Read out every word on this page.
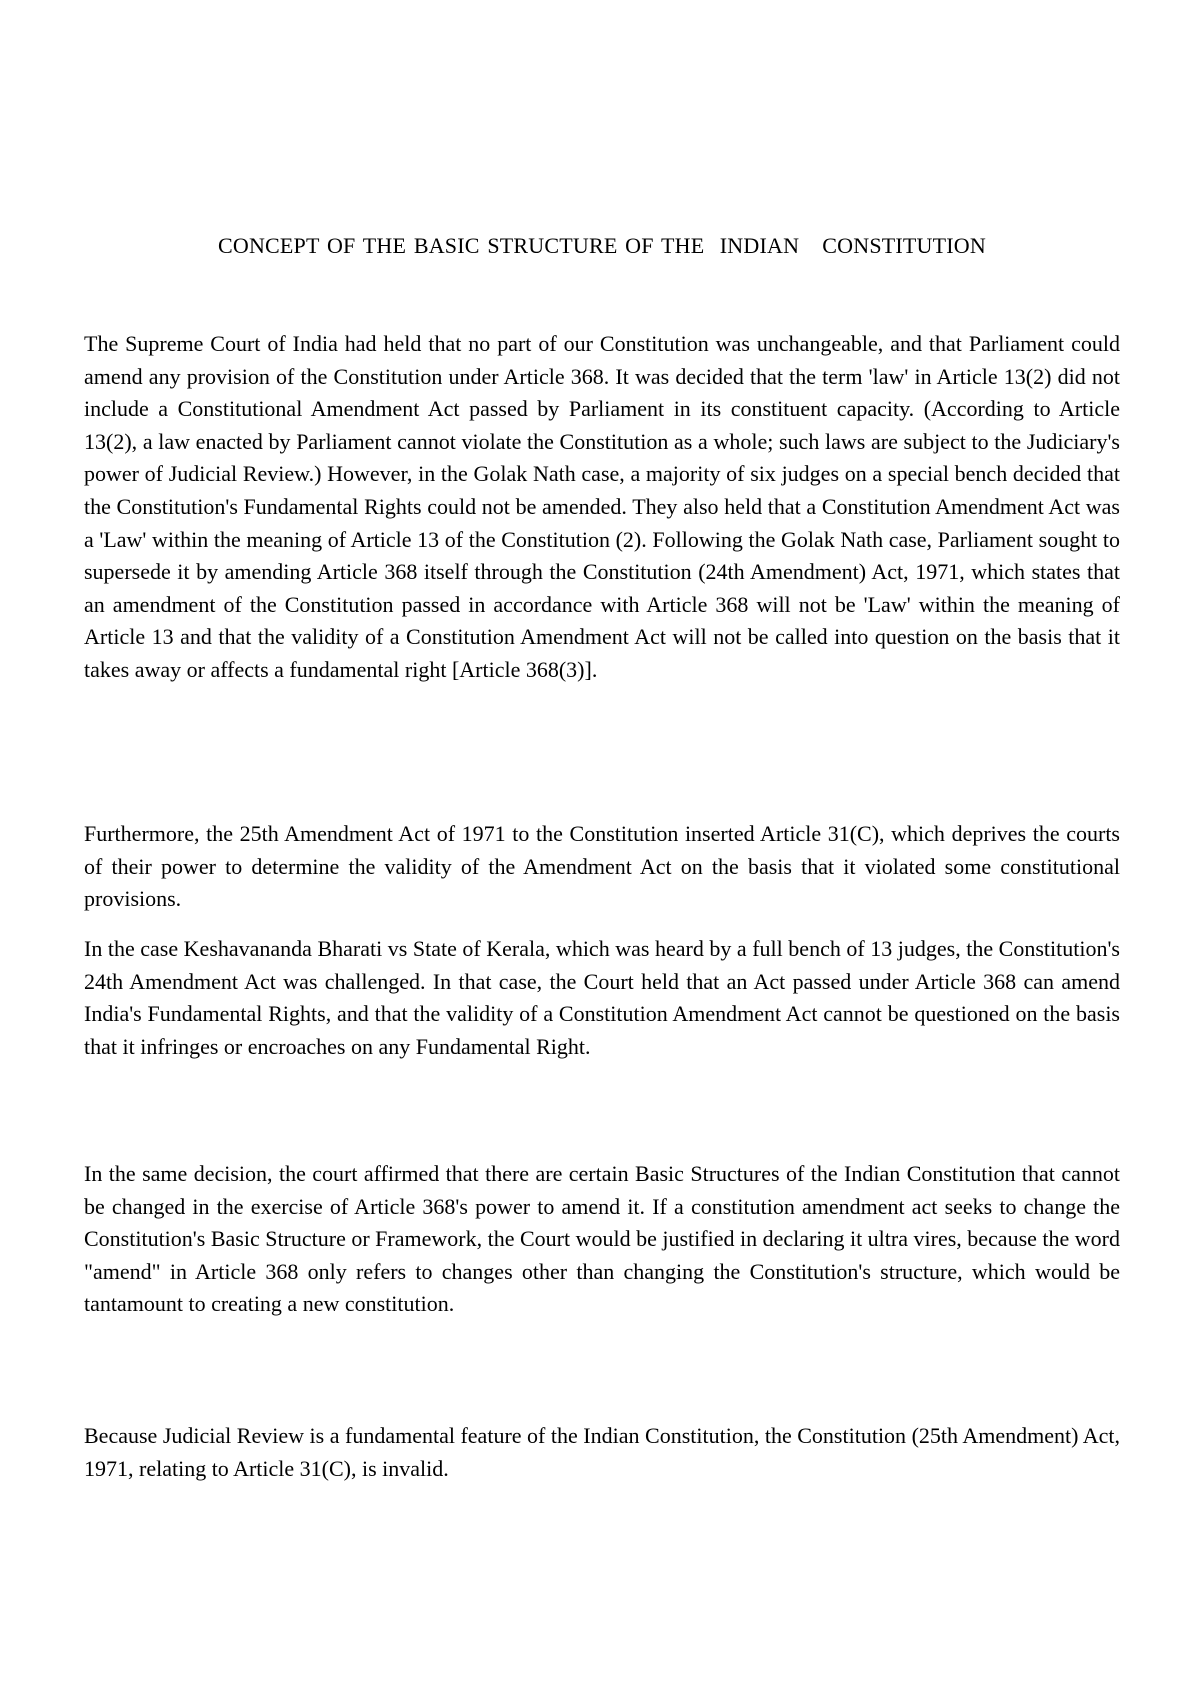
CONCEPT OF THE BASIC STRUCTURE OF THE  INDIAN   CONSTITUTION

The Supreme Court of India had held that no part of our Constitution was unchangeable, and that Parliament could amend any provision of the Constitution under Article 368. It was decided that the term 'law' in Article 13(2) did not include a Constitutional Amendment Act passed by Parliament in its constituent capacity. (According to Article 13(2), a law enacted by Parliament cannot violate the Constitution as a whole; such laws are subject to the Judiciary's power of Judicial Review.) However, in the Golak Nath case, a majority of six judges on a special bench decided that the Constitution's Fundamental Rights could not be amended. They also held that a Constitution Amendment Act was a 'Law' within the meaning of Article 13 of the Constitution (2). Following the Golak Nath case, Parliament sought to supersede it by amending Article 368 itself through the Constitution (24th Amendment) Act, 1971, which states that an amendment of the Constitution passed in accordance with Article 368 will not be 'Law' within the meaning of Article 13 and that the validity of a Constitution Amendment Act will not be called into question on the basis that it takes away or affects a fundamental right [Article 368(3)].

Furthermore, the 25th Amendment Act of 1971 to the Constitution inserted Article 31(C), which deprives the courts of their power to determine the validity of the Amendment Act on the basis that it violated some constitutional provisions.

In the case Keshavananda Bharati vs State of Kerala, which was heard by a full bench of 13 judges, the Constitution's 24th Amendment Act was challenged. In that case, the Court held that an Act passed under Article 368 can amend India's Fundamental Rights, and that the validity of a Constitution Amendment Act cannot be questioned on the basis that it infringes or encroaches on any Fundamental Right.

In the same decision, the court affirmed that there are certain Basic Structures of the Indian Constitution that cannot be changed in the exercise of Article 368's power to amend it. If a constitution amendment act seeks to change the Constitution's Basic Structure or Framework, the Court would be justified in declaring it ultra vires, because the word "amend" in Article 368 only refers to changes other than changing the Constitution's structure, which would be tantamount to creating a new constitution.

Because Judicial Review is a fundamental feature of the Indian Constitution, the Constitution (25th Amendment) Act, 1971, relating to Article 31(C), is invalid.
